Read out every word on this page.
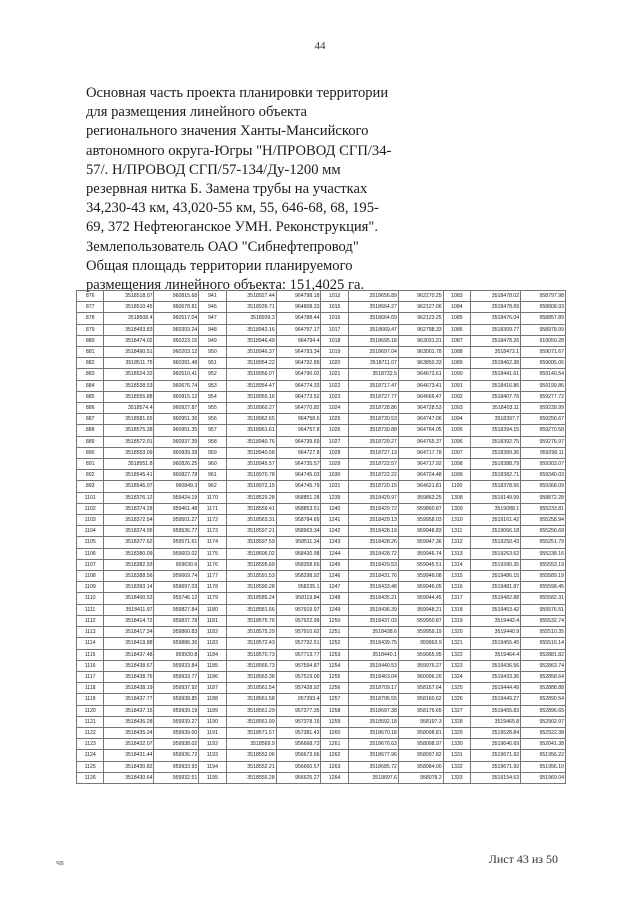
44
Основная часть проекта планировки территории
для размещения линейного объекта
регионального значения Ханты-Мансийского
автономного округа-Югры "Н/ПРОВОД СГП/34-
57/. Н/ПРОВОД СГП/57-134/Ду-1200 мм
резервная нитка Б. Замена трубы на участках
34,230-43 км, 43,020-55 км, 55, 646-68, 68, 195-
69, 372 Нефтеюганское УМН. Реконструкция".
Землепользователь ОАО "Сибнефтепровод"
Общая площадь территории планируемого
размещения линейного объекта: 151,4025 га.
876	3518518.07	960815.68	941	3518927.44	964798.18	1012	3518656.89	962270.25	1083	3518478.02	958797.98
877	3518510.45	960678.81	946	3518939.71	964808.33	1015	3518664.27	962127.06	1084	3518478.69	958808.93
878	3518508.4	960517.04	947	3518939.3	964788.44	1016	3518664.69	962123.25	1085	3518476.04	958857.89
879	3518493.83	960393.24	948	3518942.16	964797.17	1017	3518669.47	962798.33	1086	3518309.77	958978.99
880	3518474.02	960223.15	949	3518946.49	964794.4	1018	3518695.18	963031.31	1087	3518478.26	919050.28
881	3518490.51	960203.12	950	3518946.37	964793.34	1019	3518697.04	963001.78	1088	3518472.1	959071.67
882	3518511.75	960391.48	951	3518954.22	964792.89	1020	3518711.07	963850.33	1089	3518462.38	959005.06
883	3518524.32	960510.41	952	3518956.07	964790.02	1021	3518732.5	964673.61	1090	3518441.61	959140.54
884	3518538.53	960676.74	953	3518954.47	964774.33	1022	3518717.47	964673.41	1091	3518416.86	959199.86
885	3518555.88	960815.12	954	3518955.16	964773.52	1023	3518727.77	964666.47	1092	3518407.76	959277.72
886	3518574.4	960927.87	955	3518960.27	964770.82	1024	3518728.86	964728.53	1093	3518403.11	959239.99
887	3518581.65	960951.36	956	3518962.65	964758.6	1025	3518730.53	964747.06	1094	3518397.7	959256.67
888	3518575.38	960951.35	957	3518961.61	964757.8	1026	3518730.88	964764.05	1095	3518394.15	959270.58
889	3518572.01	960937.39	958	3518940.76	964739.69	1027	3518729.27	964765.37	1096	3518392.75	959276.97
890	3518553.09	960839.28	959	3518940.58	964727.8	1028	3518727.13	964717.78	1097	3518389.36	959298.11
891	3518551.8	960826.25	960	3518945.57	964735.57	1029	3518722.57	964717.92	1098	3518388.79	959303.07
892	3518545.41	960827.78	961	3518970.78	964745.03	1030	3518722.22	964724.48	1099	3518382.71	959340.03
893	3518546.07	960849.3	962	3518972.15	964745.79	1031	3518720.15	964621.81	1100	3518378.56	959368.09
1101	3518376.12	959424.19	1170	3518529.28	958851.28	1239	3518429.97	959863.25	1308	3519149.99	958872.28
1102	3518374.28	959461.48	1171	3518559.41	958853.51	1240	3518429.72	959860.87	1309	3519088.1	955233.81
1103	3518372.54	959501.27	1172	3518563.31	958784.69	1241	3518429.13	959958.03	1310	3519161.42	955258.94
1104	3518374.95	959536.77	1173	3518597.21	958963.34	1242	3518428.19	959948.83	1311	3519066.18	955256.69
1105	3518377.62	959571.61	1174	3518597.59	958511.34	1243	3518428.26	959947.36	1312	3519250.43	955251.79
1106	3518380.09	959603.02	1175	3518606.02	958430.98	1244	3518428.72	959946.74	1313	3519263.62	955238.16
1107	3518382.93	959630.6	1176	3518595.69	958358.65	1245	3518429.53	959945.51	1314	3519280.35	955553.19
1108	3518388.56	959669.74	1177	3518591.53	958298.92	1246	3518431.76	959946.08	1315	3519486.15	955589.19
1109	3518393.14	959697.03	1178	3518590.28	958235.1	1247	3518433.48	959946.05	1316	3519481.87	955598.45
1110	3518400.53	959746.12	1179	3518585.24	958119.84	1248	3518435.21	959944.45	1317	3519482.88	955582.31
1111	3518411.97	959827.84	1180	3518581.56	957919.97	1249	3518436.39	959948.21	1318	3519453.42	955576.51
1112	3518414.72	959837.78	1181	3518575.76	957922.99	1250	3518437.03	959950.87	1319	3519442.4	955532.74
1113	3518417.34	959860.83	1182	3518575.29	957910.62	1251	3518438.6	959959.19	1320	3519440.9	955510.35
1114	3518419.88	959886.36	1183	3518572.43	957792.51	1252	3518439.75	959963.9	1321	3519455.45	955516.14
1115	3518437.48	959930.8	1184	3518570.73	957713.77	1253	3518440.1	959965.95	1322	3519464.4	952881.82
1116	3518438.67	959933.84	1185	3518565.73	957594.87	1254	3518440.53	959976.27	1323	3519436.56	952863.74
1117	3518438.76	959933.77	1186	3518563.38	957519.00	1255	3518463.04	960096.26	1324	3519433.36	952858.64
1118	3518438.19	959937.92	1187	3518561.54	957428.92	1256	3518709.17	958157.64	1325	3519444.49	952888.88
1119	3518437.77	959938.85	1188	3518561.58	957393.4	1257	3518706.55	958160.62	1326	3519449.27	952890.54
1120	3518437.15	959939.19	1189	3518561.29	957377.35	1258	3518697.38	958176.65	1327	3519455.83	952896.65
1121	3518436.28	959939.27	1190	3518561.99	957378.15	1259	3518592.18	958197.3	1328	3519465.8	952902.97
1122	3518435.24	959939.00	1191	3518571.57	957381.43	1260	3518670.18	958098.81	1329	3519528.84	952922.38
1123	3518432.07	959938.02	1192	3518569.9	956668.73	1261	3518676.63	958098.97	1330	3519646.69	952041.38
1124	3518431.44	959936.72	1193	3518552.06	956673.66	1262	3518677.96	958097.82	1331	3519671.92	951956.22
1125	3518430.82	959933.93	1194	3518552.21	956660.57	1263	3518685.72	958084.00	1332	3519671.92	951956.10
1126	3518430.64	959932.51	1195	3518556.28	956625.27	1264	3518697.6	958078.2	1333	3519154.63	951969.04
Лист 43 из 50
чв
